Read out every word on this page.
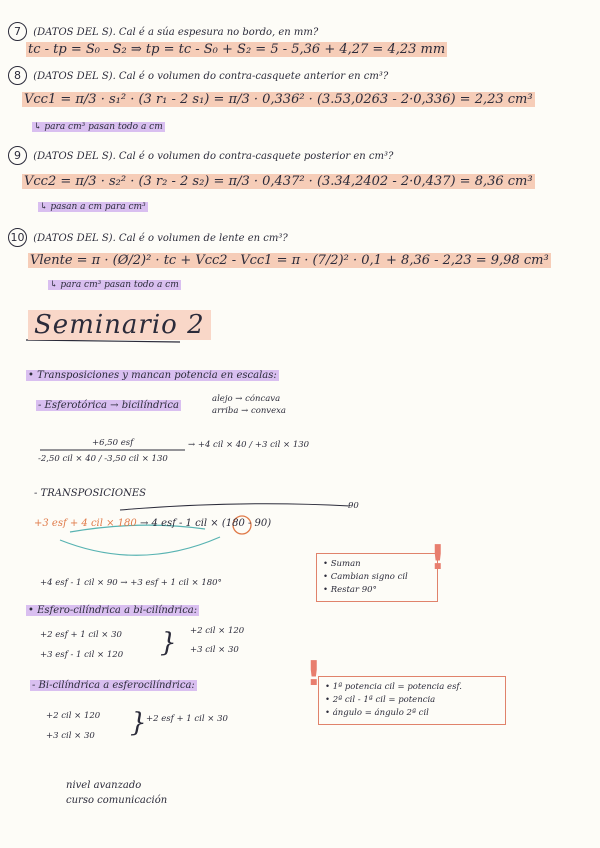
7 (DATOS DEL S). Cal é a súa espesura no bordo, en mm?
tc - tp = S₀ - S₂ ⇒ tp = tc - S₀ + S₂ = 5 - 5,36 + 4,27 = 4,23 mm
8 (DATOS DEL S). Cal é o volumen do contra-casquete anterior en cm³?
Vcc1 = π/3 · s₁² · (3 r₁ - 2 s₁) = π/3 · 0,336² · (3.53,0263 - 2·0,336) = 2,23 cm³
↳ para cm³ pasan todo a cm
9 (DATOS DEL S). Cal é o volumen do contra-casquete posterior en cm³?
Vcc2 = π/3 · s₂² · (3 r₂ - 2 s₂) = π/3 · 0,437² · (3.34,2402 - 2·0,437) = 8,36 cm³
↳ pasan a cm para cm³
10 (DATOS DEL S). Cal é o volumen de lente en cm³?
Vlente = π · (Ø/2)² · tc + Vcc2 - Vcc1 = π · (7/2)² · 0,1 + 8,36 - 2,23 = 9,98 cm³
↳ para cm³ pasan todo a cm
Seminario 2
• Transposiciones y mancan potencia en escalas:
- Esferotórica → bicilíndrica
alejo → cóncava
arriba → convexa
+6,50 esf
-2,50 cil × 40 / -3,50 cil × 130
→ +4 cil × 40 / +3 cil × 130
- TRANSPOSICIONES
90
+3 esf + 4 cil × 180 → 4 esf - 1 cil × (180 - 90)
+4 esf - 1 cil × 90 → +3 esf + 1 cil × 180°
• Suman
• Cambian signo cil
• Restar 90°
!
• Esfero-cilíndrica a bi-cilíndrica:
+2 esf + 1 cil × 30
+3 esf - 1 cil × 120 } +2 cil × 120
+3 cil × 30
- Bi-cilíndrica a esferocilíndrica:
+2 cil × 120
+3 cil × 30 } +2 esf + 1 cil × 30
! • 1ª potencia cil = potencia esf.
• 2ª cil - 1ª cil = potencia
• ángulo = ángulo 2ª cil
nivel avanzado
curso comunicación
